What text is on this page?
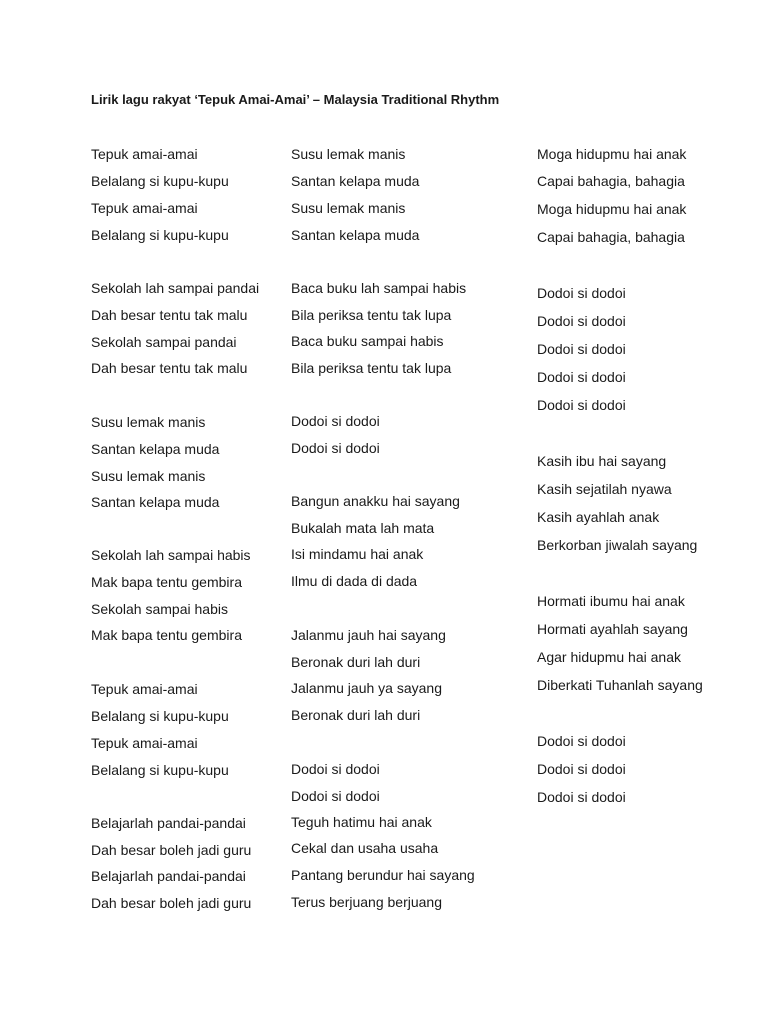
Lirik lagu rakyat ‘Tepuk Amai-Amai’ – Malaysia Traditional Rhythm
Tepuk amai-amai
Belalang si kupu-kupu
Tepuk amai-amai
Belalang si kupu-kupu
Sekolah lah sampai pandai
Dah besar tentu tak malu
Sekolah sampai pandai
Dah besar tentu tak malu
Susu lemak manis
Santan kelapa muda
Susu lemak manis
Santan kelapa muda
Sekolah lah sampai habis
Mak bapa tentu gembira
Sekolah sampai habis
Mak bapa tentu gembira
Tepuk amai-amai
Belalang si kupu-kupu
Tepuk amai-amai
Belalang si kupu-kupu
Belajarlah pandai-pandai
Dah besar boleh jadi guru
Belajarlah pandai-pandai
Dah besar boleh jadi guru
Susu lemak manis
Santan kelapa muda
Susu lemak manis
Santan kelapa muda
Baca buku lah sampai habis
Bila periksa tentu tak lupa
Baca buku sampai habis
Bila periksa tentu tak lupa
Dodoi si dodoi
Dodoi si dodoi
Bangun anakku hai sayang
Bukalah mata lah mata
Isi mindamu hai anak
Ilmu di dada di dada
Jalanmu jauh hai sayang
Beronak duri lah duri
Jalanmu jauh ya sayang
Beronak duri lah duri
Dodoi si dodoi
Dodoi si dodoi
Teguh hatimu hai anak
Cekal dan usaha usaha
Pantang berundur hai sayang
Terus berjuang berjuang
Moga hidupmu hai anak
Capai bahagia, bahagia
Moga hidupmu hai anak
Capai bahagia, bahagia
Dodoi si dodoi
Dodoi si dodoi
Dodoi si dodoi
Dodoi si dodoi
Dodoi si dodoi
Kasih ibu hai sayang
Kasih sejatilah nyawa
Kasih ayahlah anak
Berkorban jiwalah sayang
Hormati ibumu hai anak
Hormati ayahlah sayang
Agar hidupmu hai anak
Diberkati Tuhanlah sayang
Dodoi si dodoi
Dodoi si dodoi
Dodoi si dodoi
